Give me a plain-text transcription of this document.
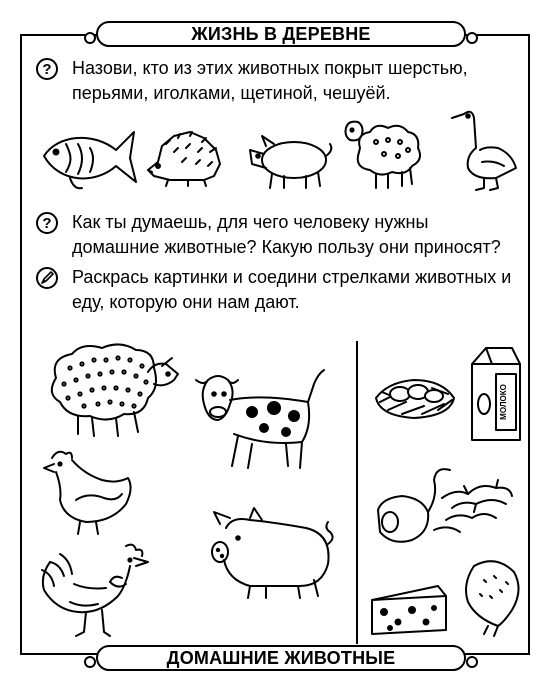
ЖИЗНЬ В ДЕРЕВНЕ
?	Назови, кто из этих животных покрыт шерстью, перьями, иголками, щетиной, чешуёй.
?	Как ты думаешь, для чего человеку нужны домашние животные? Какую пользу они приносят?
Раскрась картинки и соедини стрелками животных и еду, которую они нам дают.
МОЛОКО
ДОМАШНИЕ ЖИВОТНЫЕ
